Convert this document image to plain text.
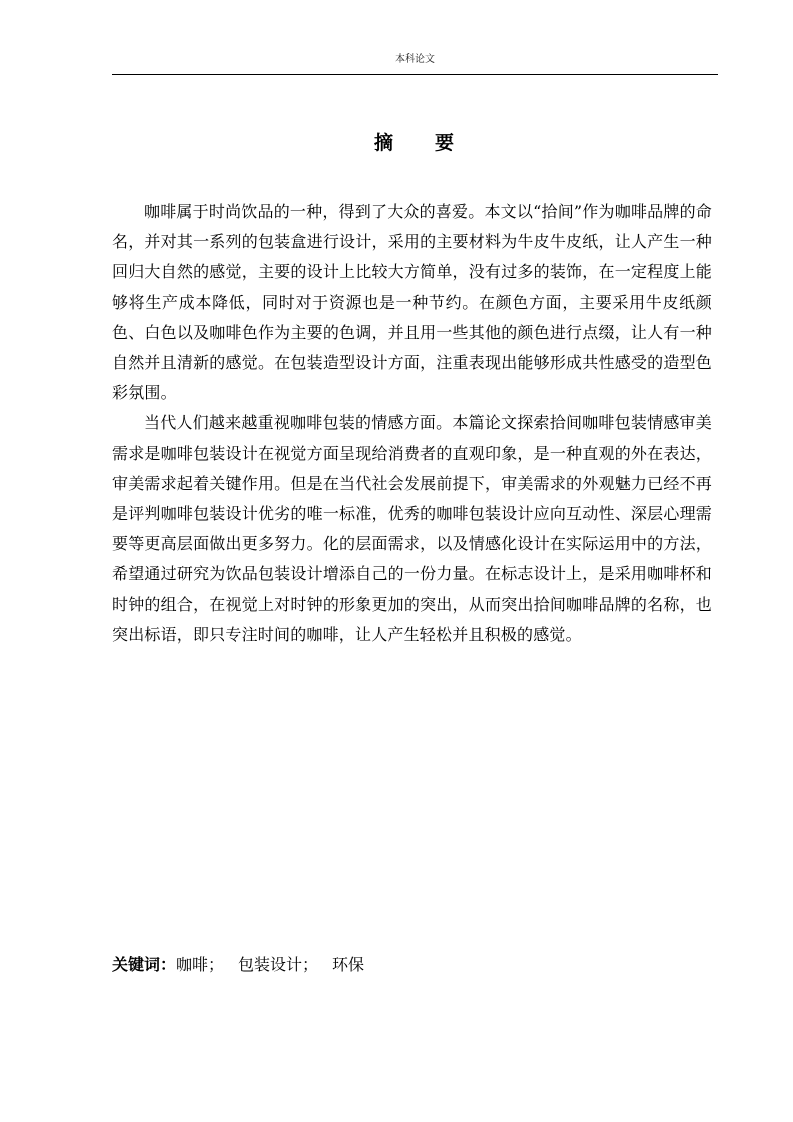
本科论文
摘 要

咖啡属于时尚饮品的一种，得到了大众的喜爱。本文以“拾间”作为咖啡品牌的命名，并对其一系列的包装盒进行设计，采用的主要材料为牛皮牛皮纸，让人产生一种回归大自然的感觉，主要的设计上比较大方简单，没有过多的装饰，在一定程度上能够将生产成本降低，同时对于资源也是一种节约。在颜色方面，主要采用牛皮纸颜色、白色以及咖啡色作为主要的色调，并且用一些其他的颜色进行点缀，让人有一种自然并且清新的感觉。在包装造型设计方面，注重表现出能够形成共性感受的造型色彩氛围。

当代人们越来越重视咖啡包装的情感方面。本篇论文探索拾间咖啡包装情感审美需求是咖啡包装设计在视觉方面呈现给消费者的直观印象，是一种直观的外在表达，审美需求起着关键作用。但是在当代社会发展前提下，审美需求的外观魅力已经不再是评判咖啡包装设计优劣的唯一标准，优秀的咖啡包装设计应向互动性、深层心理需要等更高层面做出更多努力。化的层面需求，以及情感化设计在实际运用中的方法，希望通过研究为饮品包装设计增添自己的一份力量。在标志设计上，是采用咖啡杯和时钟的组合，在视觉上对时钟的形象更加的突出，从而突出拾间咖啡品牌的名称，也突出标语，即只专注时间的咖啡，让人产生轻松并且积极的感觉。

关键词：咖啡； 包装设计； 环保
